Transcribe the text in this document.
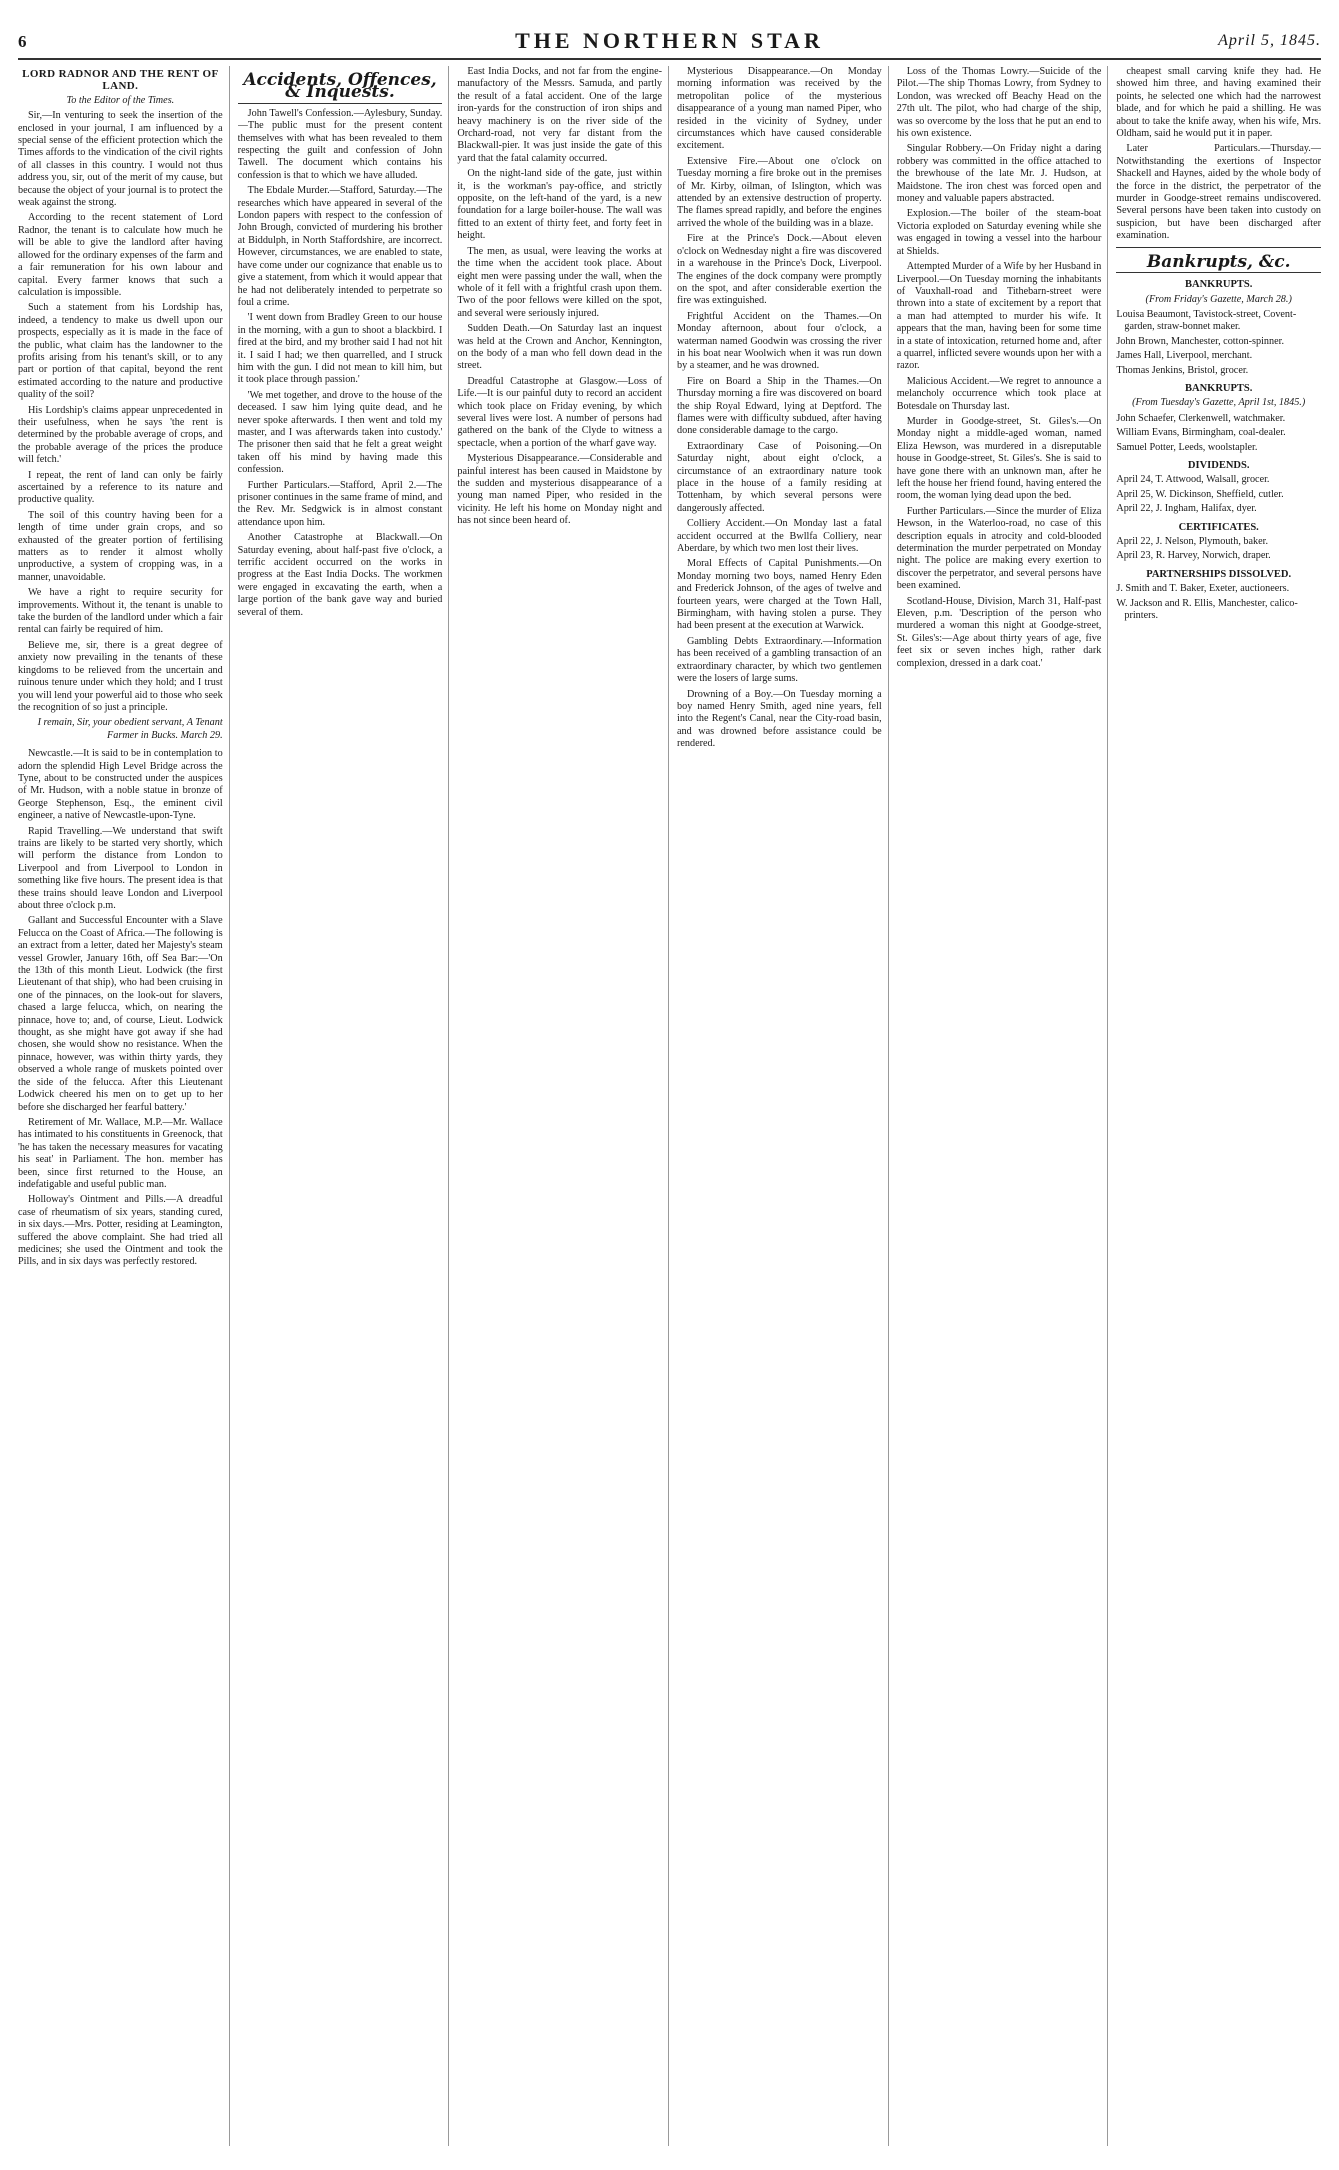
6	THE NORTHERN STAR	April 5, 1845.
LORD RADNOR AND THE RENT OF LAND.
To the Editor of the Times.

Sir,—In venturing to seek the insertion of the enclosed in your journal, I am influenced by a special sense of the efficient protection which the Times affords to the vindication of the civil rights of all classes in this country. I would not thus address you, sir, out of the merit of my cause, but because the object of your journal is to protect the weak against the strong.

According to the recent statement of Lord Radnor, the tenant is to calculate how much he will be able to give the landlord after having allowed for the ordinary expenses of the farm and a fair remuneration for his own labour and capital. Every farmer knows that such a calculation is impossible.

Such a statement from his Lordship has, indeed, a tendency to make us dwell upon our prospects, especially as it is made in the face of the public, what claim has the landowner to the profits arising from his tenant's skill, or to any part or portion of that capital, beyond the rent estimated according to the nature and productive quality of the soil?

His Lordship's claims appear unprecedented in their usefulness, when he says 'the rent is determined by the probable average of crops, and the probable average of the prices the produce will fetch.'

I repeat, the rent of land can only be fairly ascertained by a reference to its nature and productive quality.

The soil of this country having been for a length of time under grain crops, and so exhausted of the greater portion of fertilising matters as to render it almost wholly unproductive, a system of cropping was, in a manner, unavoidable.

We have a right to require security for improvements. Without it, the tenant is unable to take the burden of the landlord under which a fair rental can fairly be required of him.

Believe me, sir, there is a great degree of anxiety now prevailing in the tenants of these kingdoms to be relieved from the uncertain and ruinous tenure under which they hold; and I trust you will lend your powerful aid to those who seek the recognition of so just a principle.

I remain, Sir, your obedient servant, A Tenant Farmer in Bucks. March 29.

Newcastle.—It is said to be in contemplation to adorn the splendid High Level Bridge across the Tyne, about to be constructed under the auspices of Mr. Hudson, with a noble statue in bronze of George Stephenson, Esq., the eminent civil engineer, a native of Newcastle-upon-Tyne.

Rapid Travelling.—We understand that swift trains are likely to be started very shortly, which will perform the distance from London to Liverpool and from Liverpool to London in something like five hours. The present idea is that these trains should leave London and Liverpool about three o'clock p.m.

Gallant and Successful Encounter with a Slave Felucca on the Coast of Africa.—The following is an extract from a letter, dated her Majesty's steam vessel Growler, January 16th, off Sea Bar:—'On the 13th of this month Lieut. Lodwick (the first Lieutenant of that ship), who had been cruising in one of the pinnaces, on the look-out for slavers, chased a large felucca, which, on nearing the pinnace, hove to; and, of course, Lieut. Lodwick thought, as she might have got away if she had chosen, she would show no resistance. When the pinnace, however, was within thirty yards, they observed a whole range of muskets pointed over the side of the felucca. After this Lieutenant Lodwick cheered his men on to get up to her before she discharged her fearful battery.'

Retirement of Mr. Wallace, M.P.—Mr. Wallace has intimated to his constituents in Greenock, that 'he has taken the necessary measures for vacating his seat' in Parliament. The hon. member has been, since first returned to the House, an indefatigable and useful public man.

Holloway's Ointment and Pills.—A dreadful case of rheumatism of six years, standing cured, in six days.—Mrs. Potter, residing at Leamington, suffered the above complaint. She had tried all medicines; she used the Ointment and took the Pills, and in six days was perfectly restored.

Accidents, Offences, & Inquests.

John Tawell's Confession.—Aylesbury, Sunday.—The public must for the present content themselves with what has been revealed to them respecting the guilt and confession of John Tawell. The document which contains his confession is that to which we have alluded.

The Ebdale Murder.—Stafford, Saturday.—The researches which have appeared in several of the London papers with respect to the confession of John Brough, convicted of murdering his brother at Biddulph, in North Staffordshire, are incorrect. However, circumstances, we are enabled to state, have come under our cognizance that enable us to give a statement, from which it would appear that he had not deliberately intended to perpetrate so foul a crime.

'I went down from Bradley Green to our house in the morning, with a gun to shoot a blackbird. I fired at the bird, and my brother said I had not hit it. I said I had; we then quarrelled, and I struck him with the gun. I did not mean to kill him, but it took place through passion.'

'We met together, and drove to the house of the deceased. I saw him lying quite dead, and he never spoke afterwards. I then went and told my master, and I was afterwards taken into custody.' The prisoner then said that he felt a great weight taken off his mind by having made this confession.

Further Particulars.—Stafford, April 2.—The prisoner continues in the same frame of mind, and the Rev. Mr. Sedgwick is in almost constant attendance upon him.

Another Catastrophe at Blackwall.—On Saturday evening, about half-past five o'clock, a terrific accident occurred on the works in progress at the East India Docks. The workmen were engaged in excavating the earth, when a large portion of the bank gave way and buried several of them.

East India Docks, and not far from the engine-manufactory of the Messrs. Samuda, and partly the result of a fatal accident. One of the large iron-yards for the construction of iron ships and heavy machinery is on the river side of the Orchard-road, not very far distant from the Blackwall-pier. It was just inside the gate of this yard that the fatal calamity occurred.

On the night-land side of the gate, just within it, is the workman's pay-office, and strictly opposite, on the left-hand of the yard, is a new foundation for a large boiler-house. The wall was fitted to an extent of thirty feet, and forty feet in height.

The men, as usual, were leaving the works at the time when the accident took place. About eight men were passing under the wall, when the whole of it fell with a frightful crash upon them. Two of the poor fellows were killed on the spot, and several were seriously injured.

Sudden Death.—On Saturday last an inquest was held at the Crown and Anchor, Kennington, on the body of a man who fell down dead in the street.

Dreadful Catastrophe at Glasgow.—Loss of Life.—It is our painful duty to record an accident which took place on Friday evening, by which several lives were lost. A number of persons had gathered on the bank of the Clyde to witness a spectacle, when a portion of the wharf gave way.

Mysterious Disappearance.—Considerable and painful interest has been caused in Maidstone by the sudden and mysterious disappearance of a young man named Piper, who resided in the vicinity. He left his home on Monday night and has not since been heard of.

Mysterious Disappearance.—On Monday morning information was received by the metropolitan police of the mysterious disappearance of a young man named Piper, who resided in the vicinity of Sydney, under circumstances which have caused considerable excitement.

Extensive Fire.—About one o'clock on Tuesday morning a fire broke out in the premises of Mr. Kirby, oilman, of Islington, which was attended by an extensive destruction of property. The flames spread rapidly, and before the engines arrived the whole of the building was in a blaze.

Fire at the Prince's Dock.—About eleven o'clock on Wednesday night a fire was discovered in a warehouse in the Prince's Dock, Liverpool. The engines of the dock company were promptly on the spot, and after considerable exertion the fire was extinguished.

Frightful Accident on the Thames.—On Monday afternoon, about four o'clock, a waterman named Goodwin was crossing the river in his boat near Woolwich when it was run down by a steamer, and he was drowned.

Fire on Board a Ship in the Thames.—On Thursday morning a fire was discovered on board the ship Royal Edward, lying at Deptford. The flames were with difficulty subdued, after having done considerable damage to the cargo.

Extraordinary Case of Poisoning.—On Saturday night, about eight o'clock, a circumstance of an extraordinary nature took place in the house of a family residing at Tottenham, by which several persons were dangerously affected.

Colliery Accident.—On Monday last a fatal accident occurred at the Bwllfa Colliery, near Aberdare, by which two men lost their lives.

Moral Effects of Capital Punishments.—On Monday morning two boys, named Henry Eden and Frederick Johnson, of the ages of twelve and fourteen years, were charged at the Town Hall, Birmingham, with having stolen a purse. They had been present at the execution at Warwick.

Gambling Debts Extraordinary.—Information has been received of a gambling transaction of an extraordinary character, by which two gentlemen were the losers of large sums.

Drowning of a Boy.—On Tuesday morning a boy named Henry Smith, aged nine years, fell into the Regent's Canal, near the City-road basin, and was drowned before assistance could be rendered.

Loss of the Thomas Lowry.—Suicide of the Pilot.—The ship Thomas Lowry, from Sydney to London, was wrecked off Beachy Head on the 27th ult. The pilot, who had charge of the ship, was so overcome by the loss that he put an end to his own existence.

Singular Robbery.—On Friday night a daring robbery was committed in the office attached to the brewhouse of the late Mr. J. Hudson, at Maidstone. The iron chest was forced open and money and valuable papers abstracted.

Explosion.—The boiler of the steam-boat Victoria exploded on Saturday evening while she was engaged in towing a vessel into the harbour at Shields.

Attempted Murder of a Wife by her Husband in Liverpool.—On Tuesday morning the inhabitants of Vauxhall-road and Tithebarn-street were thrown into a state of excitement by a report that a man had attempted to murder his wife. It appears that the man, having been for some time in a state of intoxication, returned home and, after a quarrel, inflicted severe wounds upon her with a razor.

Malicious Accident.—We regret to announce a melancholy occurrence which took place at Botesdale on Thursday last.

Murder in Goodge-street, St. Giles's.—On Monday night a middle-aged woman, named Eliza Hewson, was murdered in a disreputable house in Goodge-street, St. Giles's. She is said to have gone there with an unknown man, after he left the house her friend found, having entered the room, the woman lying dead upon the bed.

Further Particulars.—Since the murder of Eliza Hewson, in the Waterloo-road, no case of this description equals in atrocity and cold-blooded determination the murder perpetrated on Monday night. The police are making every exertion to discover the perpetrator, and several persons have been examined.

Scotland-House, Division, March 31, Half-past Eleven, p.m. 'Description of the person who murdered a woman this night at Goodge-street, St. Giles's:—Age about thirty years of age, five feet six or seven inches high, rather dark complexion, dressed in a dark coat.'

cheapest small carving knife they had. He showed him three, and having examined their points, he selected one which had the narrowest blade, and for which he paid a shilling. He was about to take the knife away, when his wife, Mrs. Oldham, said he would put it in paper.

Later Particulars.—Thursday.—Notwithstanding the exertions of Inspector Shackell and Haynes, aided by the whole body of the force in the district, the perpetrator of the murder in Goodge-street remains undiscovered. Several persons have been taken into custody on suspicion, but have been discharged after examination.

Bankrupts, &c.
BANKRUPTS.
(From Friday's Gazette, March 28.)
Louisa Beaumont, Tavistock-street, Covent-garden, straw-bonnet maker.
John Brown, Manchester, cotton-spinner.
James Hall, Liverpool, merchant.
Thomas Jenkins, Bristol, grocer.
BANKRUPTS.
(From Tuesday's Gazette, April 1st, 1845.)
John Schaefer, Clerkenwell, watchmaker.
William Evans, Birmingham, coal-dealer.
Samuel Potter, Leeds, woolstapler.
DIVIDENDS.
April 24, T. Attwood, Walsall, grocer.
April 25, W. Dickinson, Sheffield, cutler.
April 22, J. Ingham, Halifax, dyer.
CERTIFICATES.
April 22, J. Nelson, Plymouth, baker.
April 23, R. Harvey, Norwich, draper.
PARTNERSHIPS DISSOLVED.
J. Smith and T. Baker, Exeter, auctioneers.
W. Jackson and R. Ellis, Manchester, calico-printers.
